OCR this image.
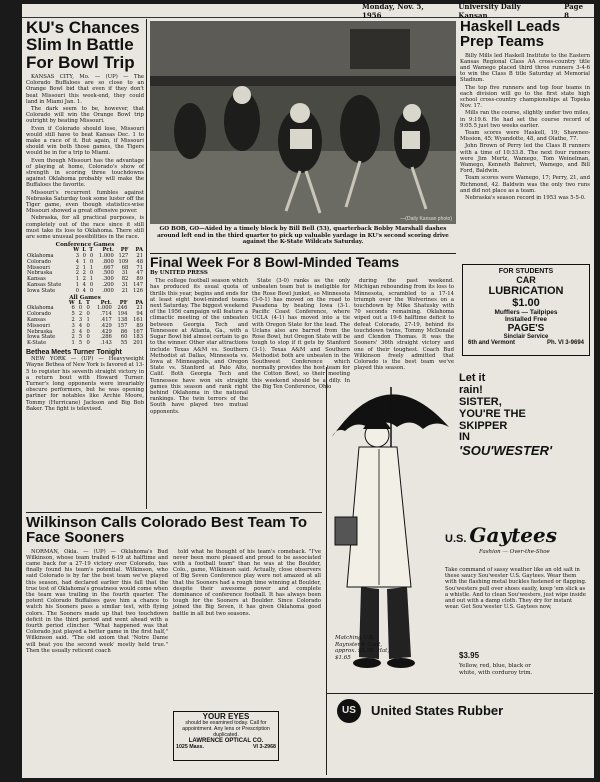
Monday, Nov. 5, 1956
University Daily Kansan
Page 8
KU's Chances Slim In Battle For Bowl Trip

KANSAS CITY, Mo. — (UP) — The Colorado Buffaloes are so close to an Orange Bowl bid that even if they don't beat Missouri this week-end, they could land in Miami Jan. 1.

The dark seem to be, however, that Colorado will win the Orange Bowl trip outright by beating Missouri.

Even if Colorado should lose, Missouri would still have to beat Kansas Dec. 1 to make a race of it. But again, if Missouri should win both those games, the Tigers would be in for a trip to Miami.

Even though Missouri has the advantage of playing at home, Colorado's show of strength in scoring three touchdowns against Oklahoma probably will make the Buffaloes the favorite.

Missouri's recurrent fumbles against Nebraska Saturday took some luster off the Tiger game, even though statistics-wise Missouri showed a great offensive power.

Nebraska, for all practical purposes, is completely out of the race since it still must take its loss to Oklahoma. There still are some unusual possibilities in the race.

Conference Games
	W	L	T	Pct.	PF	PA
Oklahoma	3	0	0	1.000	127	21
Colorado	4	1	0	.800	109	48
Missouri	2	1	1	.667	68	71
Nebraska	2	2	0	.500	31	47
Kansas	1	2	1	.300	82	89
Kansas State	1	4	0	.200	31	147
Iowa State	0	4	0	.000	21	126
All Games
	W	L	T	Pct.	PF	PA
Oklahoma	6	0	0	1.000	246	21
Colorado	5	2	0	.714	194	94
Kansas	2	3	1	.417	138	161
Missouri	3	4	0	.429	157	89
Nebraska	3	4	0	.429	86	167
Iowa State	2	5	0	.286	60	183
K-State	1	5	0	.143	55	201
Bethea Meets Turner Tonight

NEW YORK — (UP) — Heavyweight Wayne Bethea of New York is favored at 13-5 to register his seventh straight victory in a return bout with Howard Turner. Turner's long opponents were invariably obscure performers, but he was opening partner for notables like Archie Moore, Tommy (Hurricane) Jackson and Big Bob Baker. The fight is televised.

—(Daily Kansan photo)
GO BOB, GO—Aided by a timely block by Bill Bell (53), quarterback Bobby Marshall dashes around left end in the third quarter to pick up valuable yardage in KU's second scoring drive against the K-State Wildcats Saturday.
Final Week For 8 Bowl-Minded Teams
By UNITED PRESS

The college football season which has produced its usual quota of thrills this year, begins and ends for at least eight bowl-minded teams next Saturday. The biggest weekend of the 1956 campaign will feature a climactic meeting of the unbeaten between Georgia Tech and Tennessee at Atlanta, Ga., with a Sugar Bowl bid almost certain to go to the winner. Other star attractions include Texas A&M vs. Southern Methodist at Dallas, Minnesota vs. Iowa at Minneapolis, and Oregon State vs. Stanford at Palo Alto, Calif. Both Georgia Tech and Tennessee have won six straight games this season and rank right behind Oklahoma in the national rankings. The twin terrors of the South have played two mutual opponents.

State (3-0) ranks as the only unbeaten team but is ineligible for the Rose Bowl junket, so Minnesota (3-0-1) has moved on the road to Pasadena by beating Iowa (3-1. Pacific Coast Conference, where UCLA (4-1) has moved into a tie with Oregon State for the lead. The Uclans also are barred from the Rose Bowl, but Oregon State will be tough to stop if it gets by Stanford (3-1). Texas A&M and Southern Methodist both are unbeaten in the Southwest Conference which normally provides the host team for the Cotton Bowl, so their meeting this weekend should be a dilly. In the Big Ten Conference, Ohio

during the past weekend. Michigan rebounding from its loss to Minnesota, scrambled to a 17-14 triumph over the Wolverines on a touchdown by Mike Shatusky with 70 seconds remaining. Oklahoma wiped out a 19-6 halftime deficit to defeat Colorado, 27-19, behind its touchdown twins, Tommy McDonald and Clendon Thomas. It was the Sooners' 36th straight victory and one of their toughest. Coach Bud Wilkinson freely admitted that Colorado is the best team we've played this season.

Haskell Leads Prep Teams

Billy Mills led Haskell Institute to the Eastern Kansas Regional Class AA cross-country title and Wamego placed third three runners 3-4-6 to win the Class B title Saturday at Memorial Stadium.

The top five runners and top four teams in each division will go to the first state high school cross-country championships at Topeka Nov. 17.

Mills ran the course, slightly under two miles, in 9:19.6. He had set the course record of 9:05.5 just two weeks earlier.

Team scores were Haskell, 19; Shawnee-Mission, 45; Wyandotte, 48, and Olathe, 77.

John Brown of Perry led the Class B runners with a time of 10:33.8. The next four runners were Jim Mertz, Wamego, Tom Weinelman, Wamego, Kenneth Bahrert, Wamego, and Bill Ford, Baldwin.

Team scores were Wamego, 17; Perry, 21, and Richmond, 42. Baldwin was the only two runs and did not place as a team.

Nebraska's season record in 1953 was 5-5-0.

FOR STUDENTS
CAR
LUBRICATION
$1.00
Mufflers — Tailpipes
Installed Free
PAGE'S
Sinclair Service
6th and Vermont	Ph. VI 3-9694
Wilkinson Calls Colorado Best Team To Face Sooners

NORMAN, Okla. — (UP) — Oklahoma's Bud Wilkinson, whose team trailed 6-19 at halftime and came back for a 27-19 victory over Colorado, has finally found his team's potential. Wilkinson, who said Colorado is by far the best team we've played this season, had declared earlier this fall that the true test of Oklahoma's greatness would come when the team was trailing in the fourth quarter. The potent Colorado Buffaloes gave him a chance to watch his Sooners pass a similar test, with flying colors. The Sooners made up that two touchdown deficit in the third period and went ahead with a fourth period clincher. "What happened was that Colorado just played a better game in the first half," Wilkinson said. "The old axiom that 'Notre Dame will beat you the second week' mostly held true." Then the usually reticent coach

told what he thought of his team's comeback. "I've never been more pleased and proud to be associated with a football team" than he was at the Boulder, Colo., game, Wilkinson said. Actually, close observers of Big Seven Conference play were not amazed at all that the Sooners had a rough time winning at Boulder, despite their awesome power and complete dominance of conference football. It has always been tough for the Sooners at Boulder. Since Colorado joined the Big Seven, it has given Oklahoma good battle in all but two seasons.

YOUR EYES
should be examined today. Call for appointment. Any lens or Prescription duplicated.
LAWRENCE OPTICAL CO.
1025 Mass.	VI 3-2968
Matching U.S. Raynster® Coat, approx. $5.95. Hat, $1.65
Let it
rain!
SISTER,
YOU'RE THE
SKIPPER
IN
'SOU'WESTER'
U.S. Gaytees
Fashion — Over-the-Shoe
Take command of sassy weather like an old salt in these saucy Sou'wester U.S. Gaytees. Wear them with the flashing metal buckles fastened or flapping. Sou'westers pull over shoes easily, keep 'em slick as a whistle. And to clean Sou'westers, just wipe inside and out with a damp cloth. They dry for instant wear. Get Sou'wester U.S. Gaytees now,
$3.95
Yellow, red, blue, black or white, with corduroy trim.
US	United States Rubber
